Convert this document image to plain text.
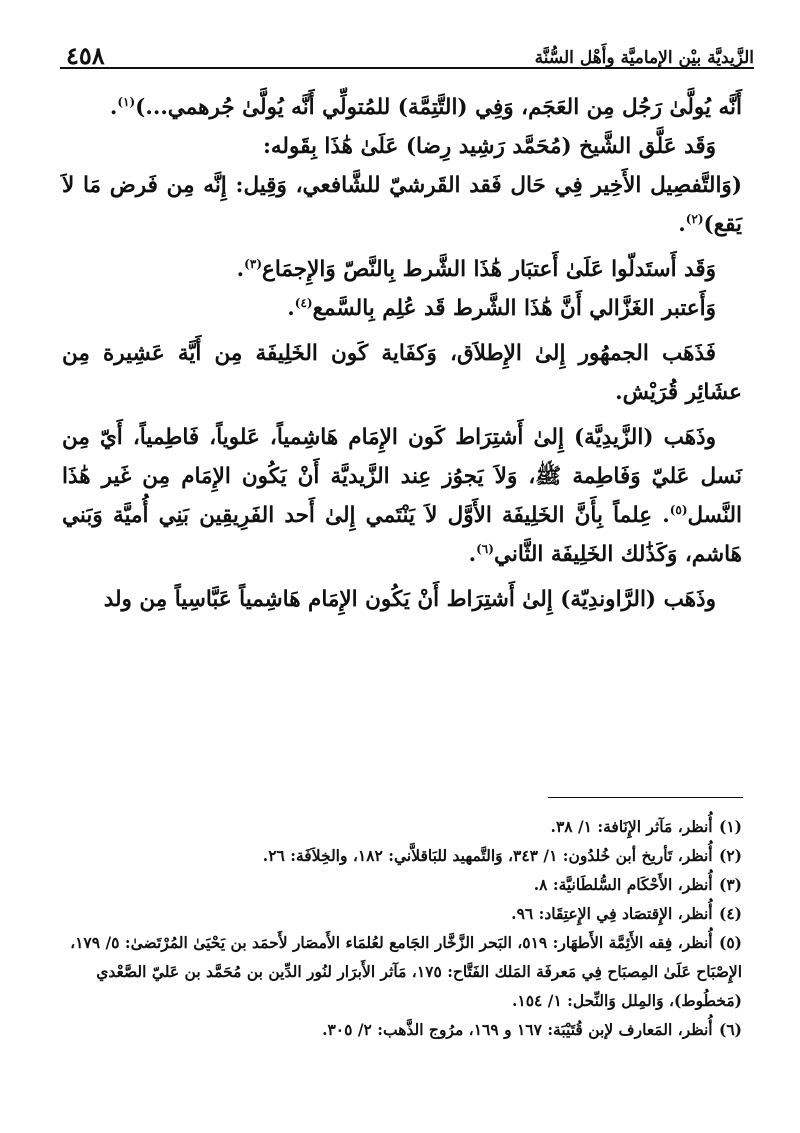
٤٥٨	الزَّيديَّة بيْن الإماميَّة وأَهْل السُّنَّة

أَنَّه يُولَّىٰ رَجُل مِن العَجَم، وَفِي (التَّتِمَّة) للمُتولِّي أَنَّه يُولَّىٰ جُرهمي...)$^{(١)}$.

وَقَد عَلَّق الشَّيخ (مُحَمَّد رَشِيد رِضا) عَلَىٰ هَٰذَا بِقَوله:

(وَالتَّفصِيل الأَخِير فِي حَال فَقد القَرشيّ للشَّافعي، وَقِيل: إِنَّه مِن فَرض مَا لاَ يَقع)$^{(٢)}$.

وَقَد أَستَدلّوا عَلَىٰ أَعتبَار هَٰذَا الشَّرط بِالنَّصّ وَالإِجمَاع$^{(٣)}$.

وَأَعتبر الغَزَّالي أَنَّ هَٰذَا الشَّرط قَد عُلِم بِالسَّمع$^{(٤)}$.

فَذَهَب الجمهُور إِلىٰ الإِطلاَق، وَكفَاية كَون الخَلِيفَة مِن أَيَّة عَشِيرة مِن عشَائِر قُرَيْش.

وذَهَب (الزَّيدِيَّة) إِلىٰ أَشتِرَاط كَون الإِمَام هَاشِمياً، عَلوياً، فَاطِمياً، أَيّ مِن نَسل عَليّ وَفَاطِمة ﷺ، وَلاَ يَجوُز عِند الزَّيديَّة أَنْ يَكُون الإِمَام مِن غَير هَٰذَا النَّسل$^{(٥)}$. عِلماً بِأَنَّ الخَلِيفَة الأَوَّل لاَ يَنْتَمي إِلىٰ أَحد الفَرِيقِين بَنِي أُميَّة وَبَني هَاشم، وَكَذَٰلك الخَلِيفَة الثَّاني$^{(٦)}$.

وذَهَب (الرَّاوندِيّة) إِلىٰ أَشتِرَاط أَنْ يَكُون الإِمَام هَاشِمياً عَبَّاسِياً مِن ولد

(١) أُنظر، مَآثر الإِنَافة: ١/ ٣٨.

(٢) أُنظر، تَأريخ أبن خُلدُون: ١/ ٣٤٣، وَالتَّمهيد للبَاقلاَّني: ١٨٢، والخِلاَفَة: ٢٦.

(٣) أُنظر، الأَحْكَام السُّلطَانيَّة: ٨.

(٤) أُنظر، الإِقتصَاد فِي الإِعتِقَاد: ٩٦.

(٥) أُنظر، فِقه الأَئِمَّة الأَطهَار: ٥١٩، البَحر الزَّخَّار الجَامع لعُلمَاء الأَمصَار لأَحمَد بن يَحْيَىٰ المُرْتَضىٰ: ٥/ ١٧٩، الإِصْبَاح عَلَىٰ المِصبَاح فِي مَعرفَة المَلك الفَتَّاح: ١٧٥، مَآثر الأَبرَار لنُور الدِّين بن مُحَمَّد بن عَليّ الصَّعْدي (مَخطُوط)، وَالمِلل وَالنِّحل: ١/ ١٥٤.

(٦) أُنظر، المَعارف لإبن قُتَيْبَة: ١٦٧ و ١٦٩، مرُوج الذَّهب: ٢/ ٣٠٥.
